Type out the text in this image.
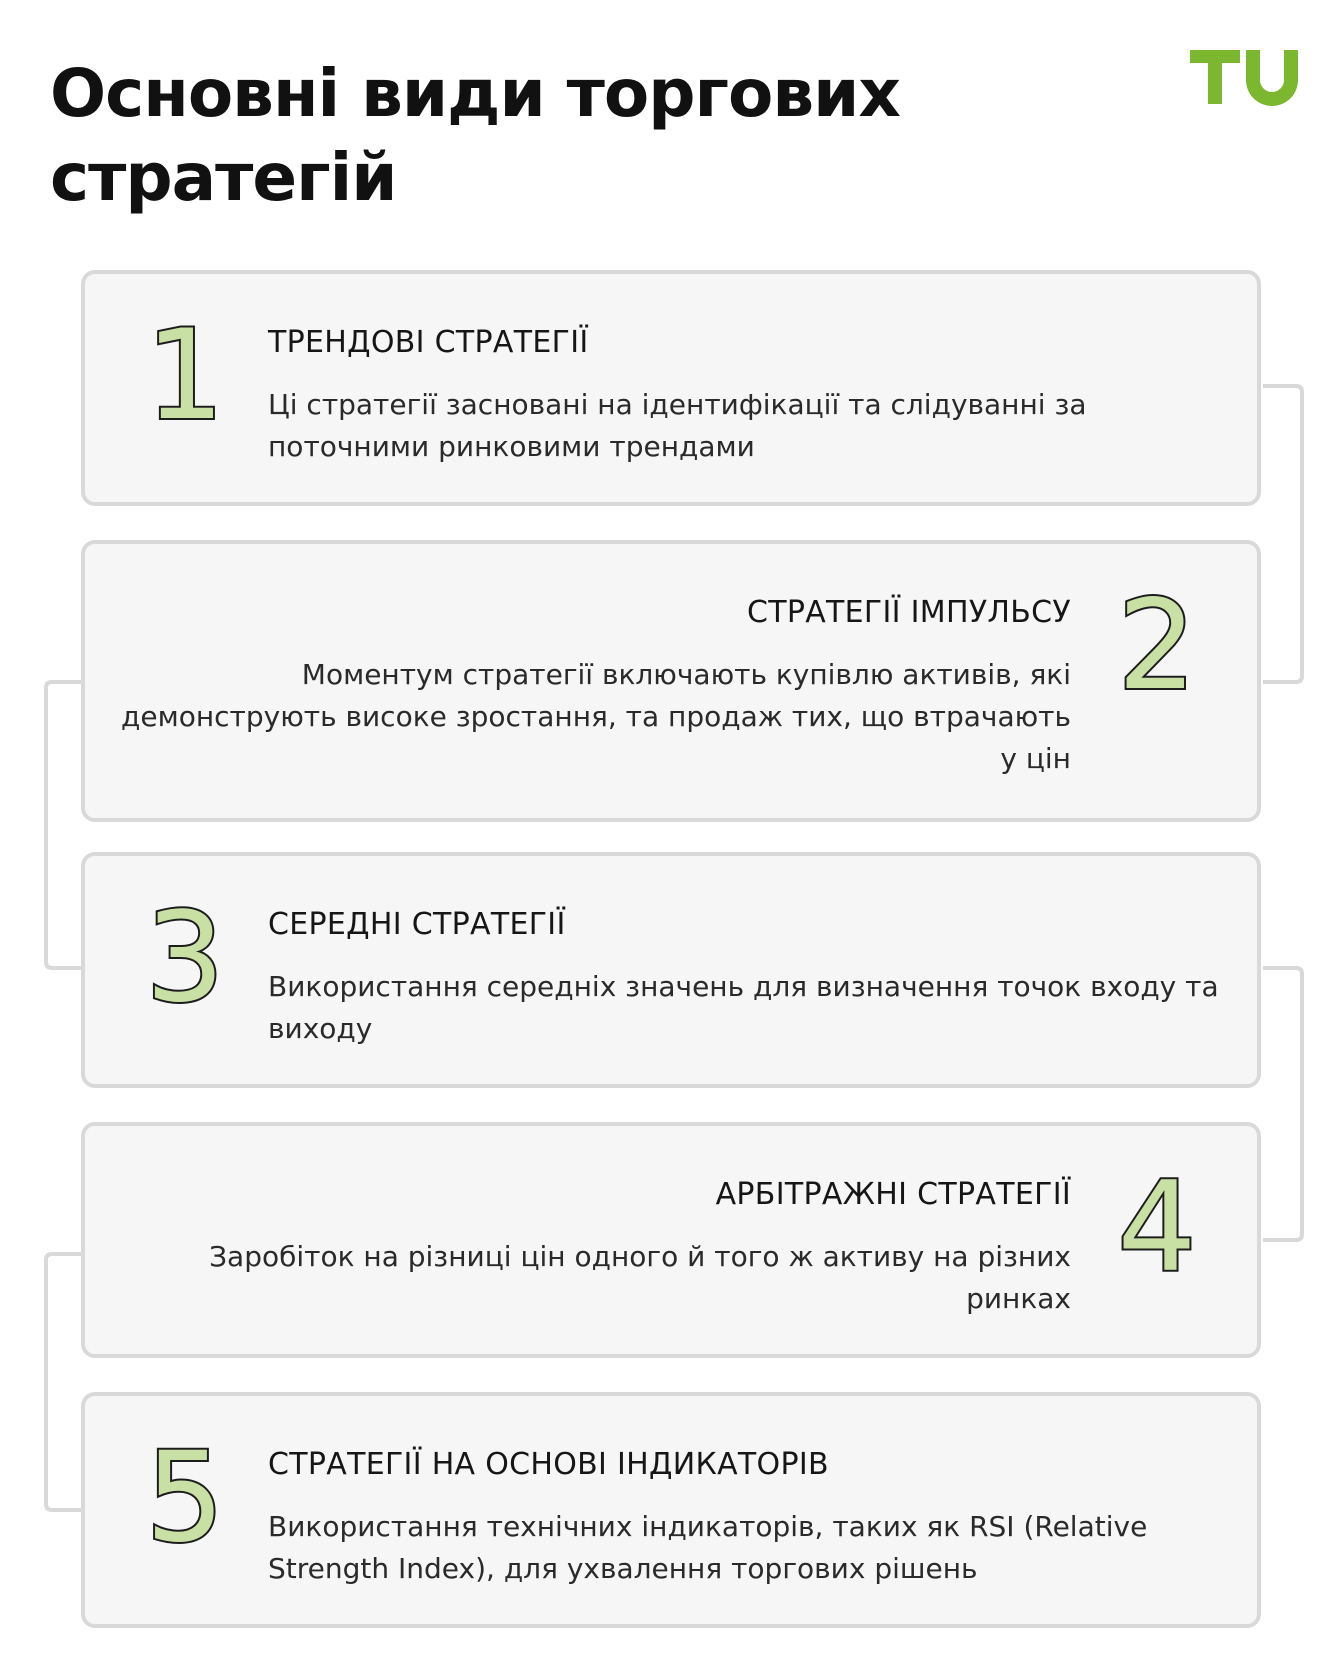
Основні види торгових стратегій
1 ТРЕНДОВІ СТРАТЕГІЇ

Ці стратегії засновані на ідентифікації та слідуванні за поточними ринковими трендами

2
СТРАТЕГІЇ ІМПУЛЬСУ

Моментум стратегії включають купівлю активів, які демонструють високе зростання, та продаж тих, що втрачають у цін

3 СЕРЕДНІ СТРАТЕГІЇ

Використання середніх значень для визначення точок входу та виходу

4
АРБІТРАЖНІ СТРАТЕГІЇ

Заробіток на різниці цін одного й того ж активу на різних ринках

5 СТРАТЕГІЇ НА ОСНОВІ ІНДИКАТОРІВ

Використання технічних індикаторів, таких як RSI (Relative Strength Index), для ухвалення торгових рішень
